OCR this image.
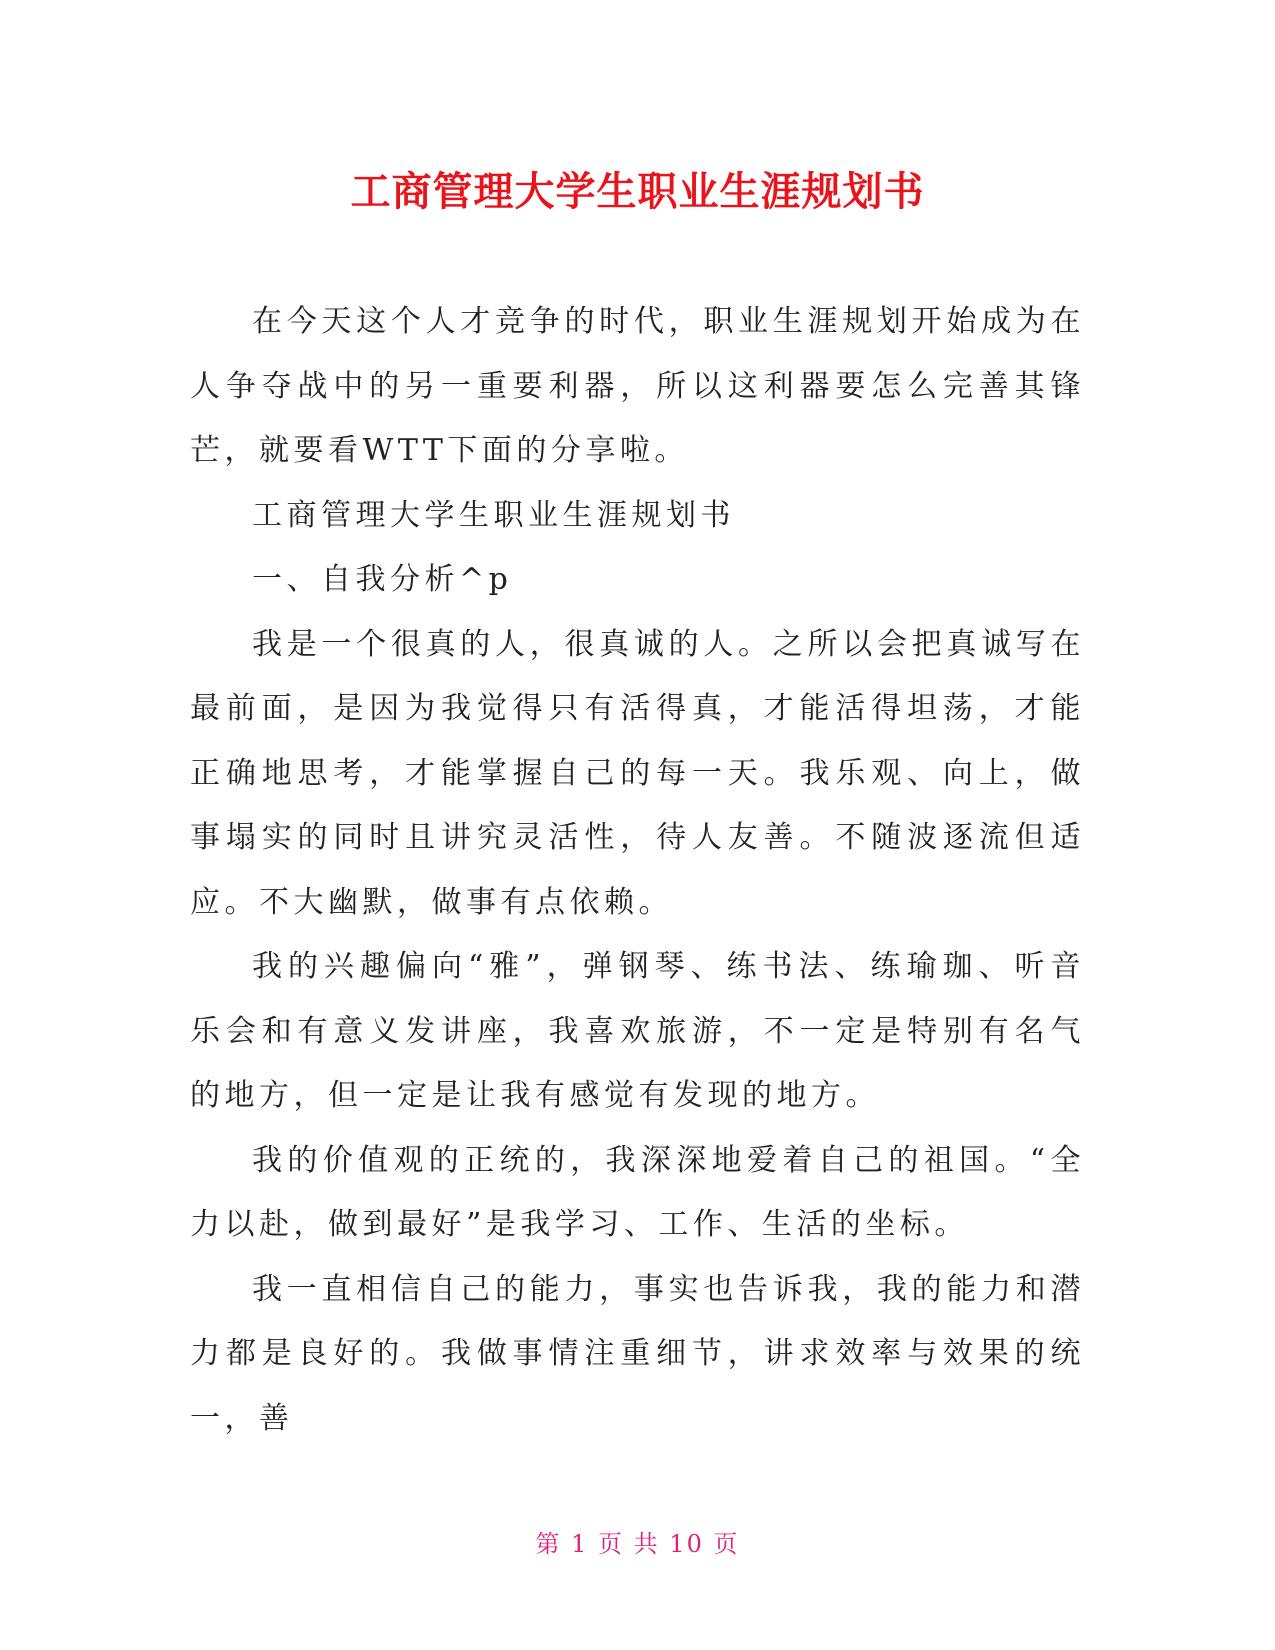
工商管理大学生职业生涯规划书

在今天这个人才竞争的时代，职业生涯规划开始成为在人争夺战中的另一重要利器，所以这利器要怎么完善其锋芒，就要看WTT下面的分享啦。

工商管理大学生职业生涯规划书

一、自我分析^p

我是一个很真的人，很真诚的人。之所以会把真诚写在最前面，是因为我觉得只有活得真，才能活得坦荡，才能正确地思考，才能掌握自己的每一天。我乐观、向上，做事塌实的同时且讲究灵活性，待人友善。不随波逐流但适应。不大幽默，做事有点依赖。

我的兴趣偏向“雅”，弹钢琴、练书法、练瑜珈、听音乐会和有意义发讲座，我喜欢旅游，不一定是特别有名气的地方，但一定是让我有感觉有发现的地方。

我的价值观的正统的，我深深地爱着自己的祖国。“全力以赴，做到最好”是我学习、工作、生活的坐标。

我一直相信自己的能力，事实也告诉我，我的能力和潜力都是良好的。我做事情注重细节，讲求效率与效果的统一，善

第 1 页 共 10 页
